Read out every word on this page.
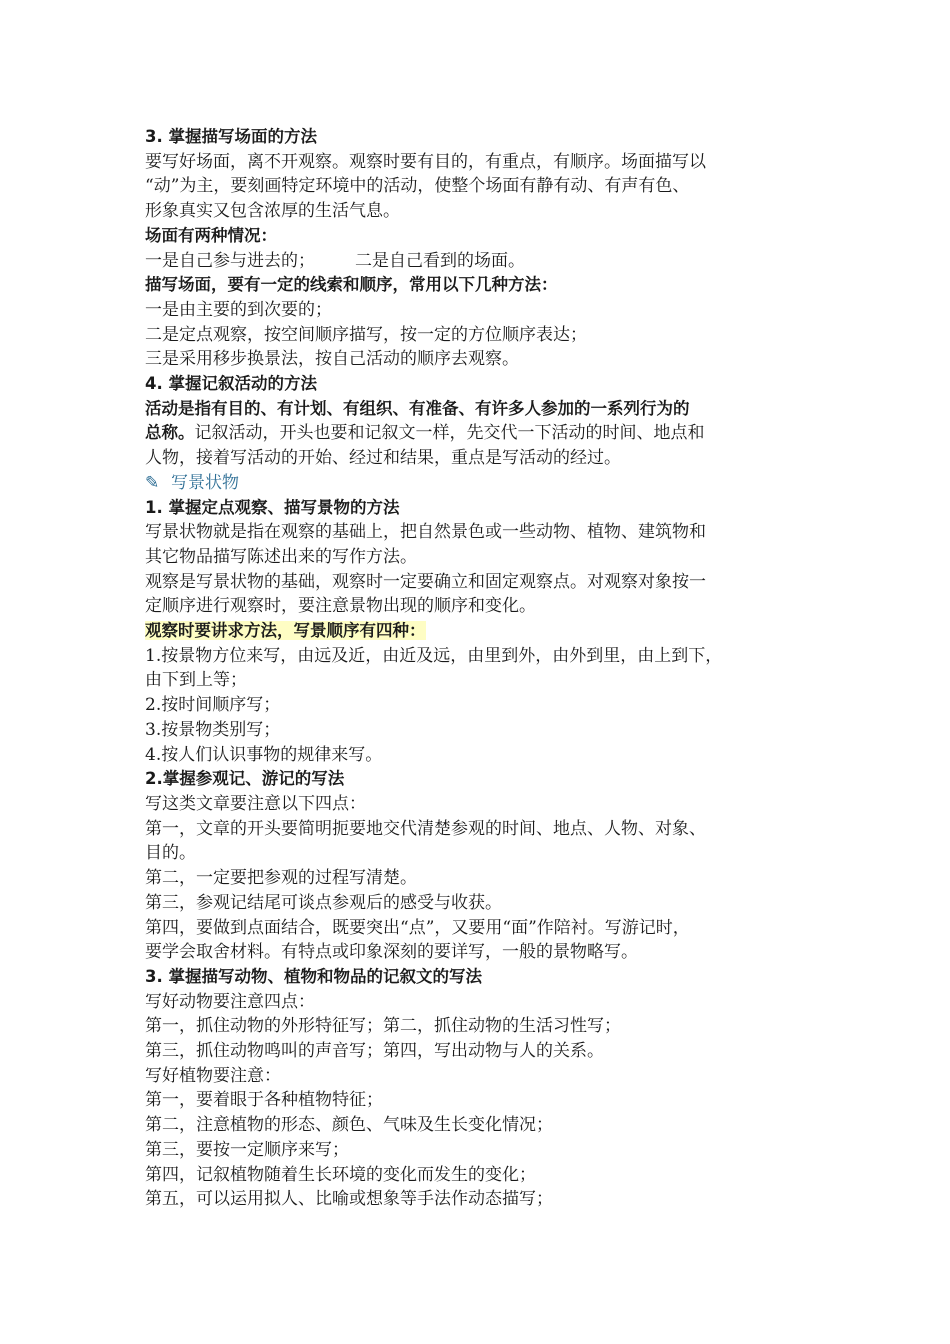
3. 掌握描写场面的方法
要写好场面，离不开观察。观察时要有目的，有重点，有顺序。场面描写以
“动”为主，要刻画特定环境中的活动，使整个场面有静有动、有声有色、
形象真实又包含浓厚的生活气息。
场面有两种情况：
一是自己参与进去的； 二是自己看到的场面。
描写场面，要有一定的线索和顺序，常用以下几种方法：
一是由主要的到次要的；
二是定点观察，按空间顺序描写，按一定的方位顺序表达；
三是采用移步换景法，按自己活动的顺序去观察。
4. 掌握记叙活动的方法
活动是指有目的、有计划、有组织、有准备、有许多人参加的一系列行为的
总称。记叙活动，开头也要和记叙文一样，先交代一下活动的时间、地点和
人物，接着写活动的开始、经过和结果，重点是写活动的经过。
✎ 写景状物
1. 掌握定点观察、描写景物的方法
写景状物就是指在观察的基础上，把自然景色或一些动物、植物、建筑物和
其它物品描写陈述出来的写作方法。
观察是写景状物的基础，观察时一定要确立和固定观察点。对观察对象按一
定顺序进行观察时，要注意景物出现的顺序和变化。
观察时要讲求方法，写景顺序有四种：
1.按景物方位来写，由远及近，由近及远，由里到外，由外到里，由上到下，
由下到上等；
2.按时间顺序写；
3.按景物类别写；
4.按人们认识事物的规律来写。
2.掌握参观记、游记的写法
写这类文章要注意以下四点：
第一，文章的开头要简明扼要地交代清楚参观的时间、地点、人物、对象、
目的。
第二，一定要把参观的过程写清楚。
第三，参观记结尾可谈点参观后的感受与收获。
第四，要做到点面结合，既要突出“点”，又要用“面”作陪衬。写游记时，
要学会取舍材料。有特点或印象深刻的要详写，一般的景物略写。
3. 掌握描写动物、植物和物品的记叙文的写法
写好动物要注意四点：
第一，抓住动物的外形特征写；第二，抓住动物的生活习性写；
第三，抓住动物鸣叫的声音写；第四，写出动物与人的关系。
写好植物要注意：
第一，要着眼于各种植物特征；
第二，注意植物的形态、颜色、气味及生长变化情况；
第三，要按一定顺序来写；
第四，记叙植物随着生长环境的变化而发生的变化；
第五，可以运用拟人、比喻或想象等手法作动态描写；
